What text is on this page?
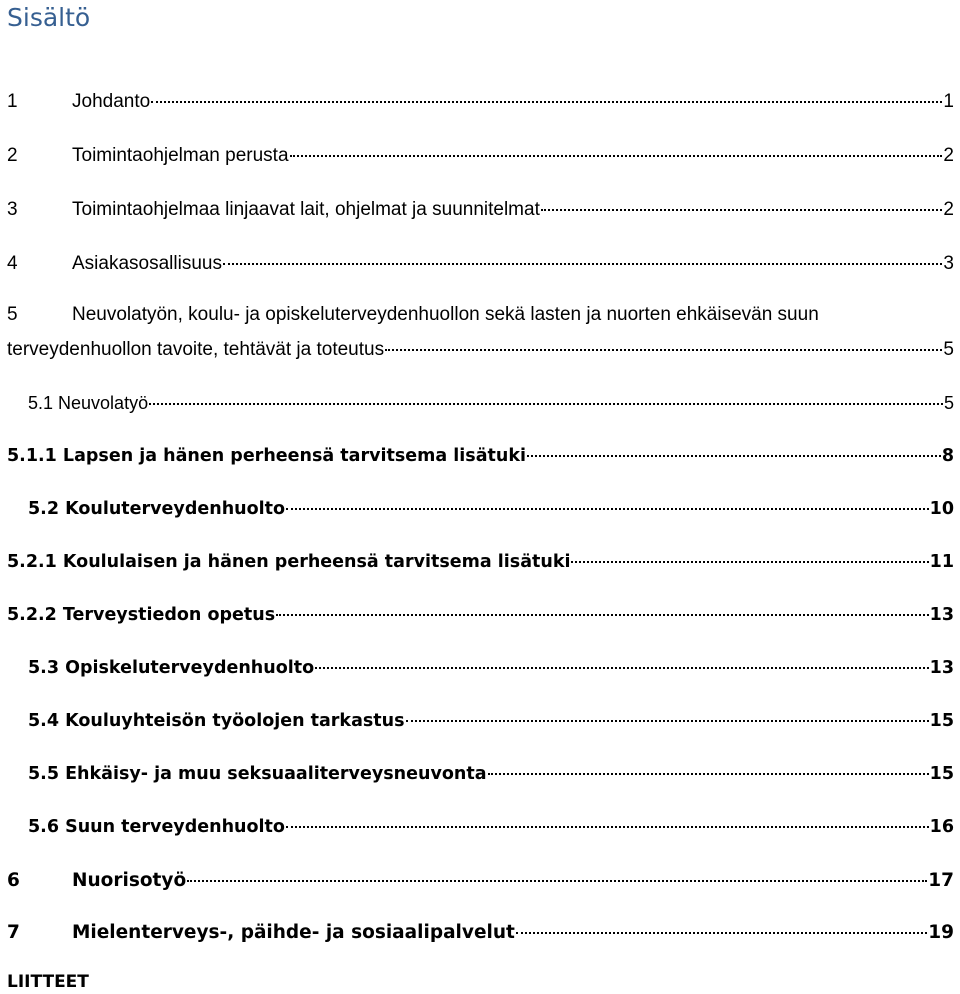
Sisältö
1	Johdanto	1
2	Toimintaohjelman perusta	2
3	Toimintaohjelmaa linjaavat lait, ohjelmat ja suunnitelmat	2
4	Asiakasosallisuus	3
5	Neuvolatyön, koulu- ja opiskeluterveydenhuollon sekä lasten ja nuorten ehkäisevän suun
terveydenhuollon tavoite, tehtävät ja toteutus	5
5.1 Neuvolatyö	5
5.1.1 Lapsen ja hänen perheensä tarvitsema lisätuki	8
5.2 Kouluterveydenhuolto	10
5.2.1 Koululaisen ja hänen perheensä tarvitsema lisätuki	11
5.2.2 Terveystiedon opetus	13
5.3 Opiskeluterveydenhuolto	13
5.4 Kouluyhteisön työolojen tarkastus	15
5.5 Ehkäisy- ja muu seksuaaliterveysneuvonta	15
5.6 Suun terveydenhuolto	16
6	Nuorisotyö	17
7	Mielenterveys-, päihde- ja sosiaalipalvelut	19
LIITTEET
